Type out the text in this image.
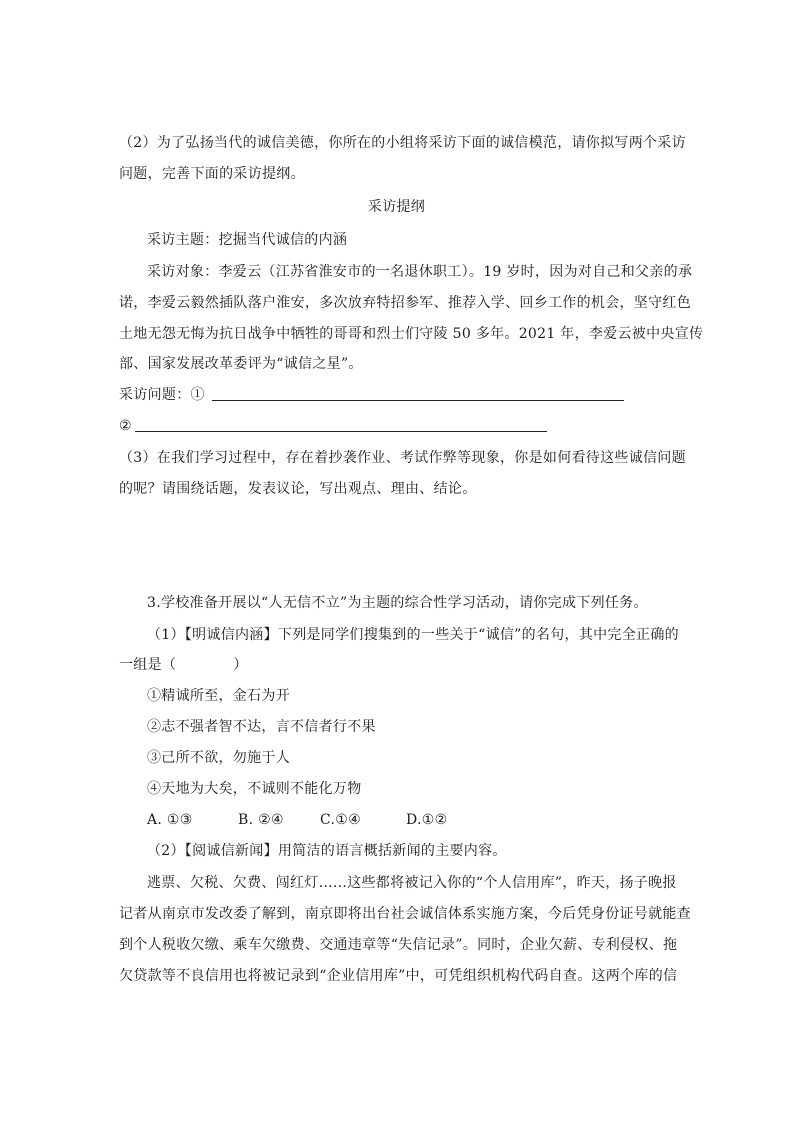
（2）为了弘扬当代的诚信美德，你所在的小组将采访下面的诚信模范，请你拟写两个采访
问题，完善下面的采访提纲。
采访提纲
采访主题：挖掘当代诚信的内涵
采访对象：李爱云（江苏省淮安市的一名退休职工）。19 岁时，因为对自己和父亲的承
诺，李爱云毅然插队落户淮安，多次放弃特招参军、推荐入学、回乡工作的机会，坚守红色
土地无怨无悔为抗日战争中牺牲的哥哥和烈士们守陵 50 多年。2021 年，李爱云被中央宣传
部、国家发展改革委评为“诚信之星”。
采访问题：①
②
（3）在我们学习过程中，存在着抄袭作业、考试作弊等现象，你是如何看待这些诚信问题
的呢？请围绕话题，发表议论，写出观点、理由、结论。
3.学校准备开展以“人无信不立”为主题的综合性学习活动，请你完成下列任务。
（1）【明诚信内涵】下列是同学们搜集到的一些关于“诚信”的名句，其中完全正确的
一组是（　　　　）
①精诚所至，金石为开
②志不强者智不达，言不信者行不果
③己所不欲，勿施于人
④天地为大矣，不诚则不能化万物
A. ①③	B. ②④	C.①④	D.①②
（2）【阅诚信新闻】用简洁的语言概括新闻的主要内容。
逃票、欠税、欠费、闯红灯……这些都将被记入你的“个人信用库”，昨天，扬子晚报
记者从南京市发改委了解到，南京即将出台社会诚信体系实施方案，今后凭身份证号就能查
到个人税收欠缴、乘车欠缴费、交通违章等“失信记录”。同时，企业欠薪、专利侵权、拖
欠贷款等不良信用也将被记录到“企业信用库”中，可凭组织机构代码自查。这两个库的信
